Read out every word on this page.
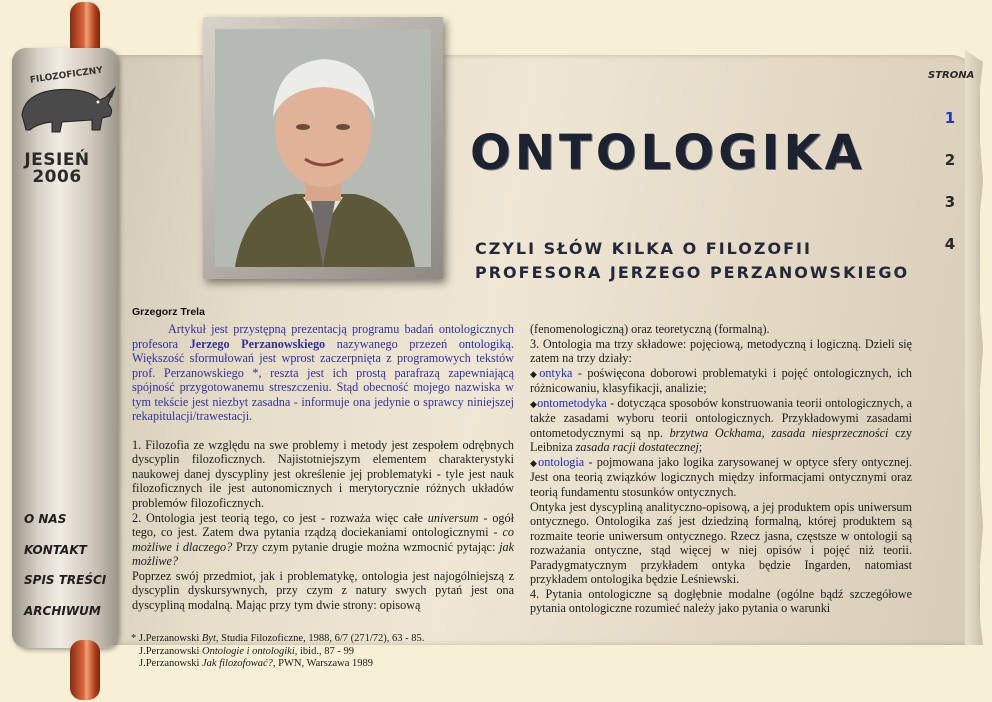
FILOZOFICZNY
JESIEŃ
2006
O NAS
KONTAKT
SPIS TREŚCI
ARCHIWUM
ONTOLOGIKA
CZYLI SŁÓW KILKA O FILOZOFII
PROFESORA JERZEGO PERZANOWSKIEGO
STRONA
1
2
3
4
Grzegorz Trela

Artykuł jest przystępną prezentacją programu badań ontologicznych profesora Jerzego Perzanowskiego nazywanego przezeń ontologiką. Większość sformułowań jest wprost zaczerpnięta z programowych tekstów prof. Perzanowskiego *, reszta jest ich prostą parafrazą zapewniającą spójność przygotowanemu streszczeniu. Stąd obecność mojego nazwiska w tym tekście jest niezbyt zasadna - informuje ona jedynie o sprawcy niniejszej rekapitulacji/trawestacji.

1. Filozofia ze względu na swe problemy i metody jest zespołem odrębnych dyscyplin filozoficznych. Najistotniejszym elementem charakterystyki naukowej danej dyscypliny jest określenie jej problematyki - tyle jest nauk filozoficznych ile jest autonomicznych i merytorycznie różnych układów problemów filozoficznych.

2. Ontologia jest teorią tego, co jest - rozważa więc całe universum - ogół tego, co jest. Zatem dwa pytania rządzą dociekaniami ontologicznymi - co możliwe i dlaczego? Przy czym pytanie drugie można wzmocnić pytając: jak możliwe?

Poprzez swój przedmiot, jak i problematykę, ontologia jest najogólniejszą z dyscyplin dyskursywnych, przy czym z natury swych pytań jest ona dyscypliną modalną. Mając przy tym dwie strony: opisową

(fenomenologiczną) oraz teoretyczną (formalną).

3. Ontologia ma trzy składowe: pojęciową, metodyczną i logiczną. Dzieli się zatem na trzy działy:

◆ontyka - poświęcona doborowi problematyki i pojęć ontologicznych, ich różnicowaniu, klasyfikacji, analizie;

◆ontometodyka - dotycząca sposobów konstruowania teorii ontologicznych, a także zasadami wyboru teorii ontologicznych. Przykładowymi zasadami ontometodycznymi są np. brzytwa Ockhama, zasada niesprzeczności czy Leibniza zasada racji dostatecznej;

◆ontologia - pojmowana jako logika zarysowanej w optyce sfery ontycznej. Jest ona teorią związków logicznych między informacjami ontycznymi oraz teorią fundamentu stosunków ontycznych.

Ontyka jest dyscypliną analityczno-opisową, a jej produktem opis uniwersum ontycznego. Ontologika zaś jest dziedziną formalną, której produktem są rozmaite teorie uniwersum ontycznego. Rzecz jasna, częstsze w ontologii są rozważania ontyczne, stąd więcej w niej opisów i pojęć niż teorii. Paradygmatycznym przykładem ontyka będzie Ingarden, natomiast przykładem ontologika będzie Leśniewski.

4. Pytania ontologiczne są dogłębnie modalne (ogólne bądź szczegółowe pytania ontologiczne rozumieć należy jako pytania o warunki

* J.Perzanowski Byt, Studia Filozoficzne, 1988, 6/7 (271/72), 63 - 85.
J.Perzanowski Ontologie i ontologiki, ibid., 87 - 99
J.Perzanowski Jak filozofować?, PWN, Warszawa 1989
